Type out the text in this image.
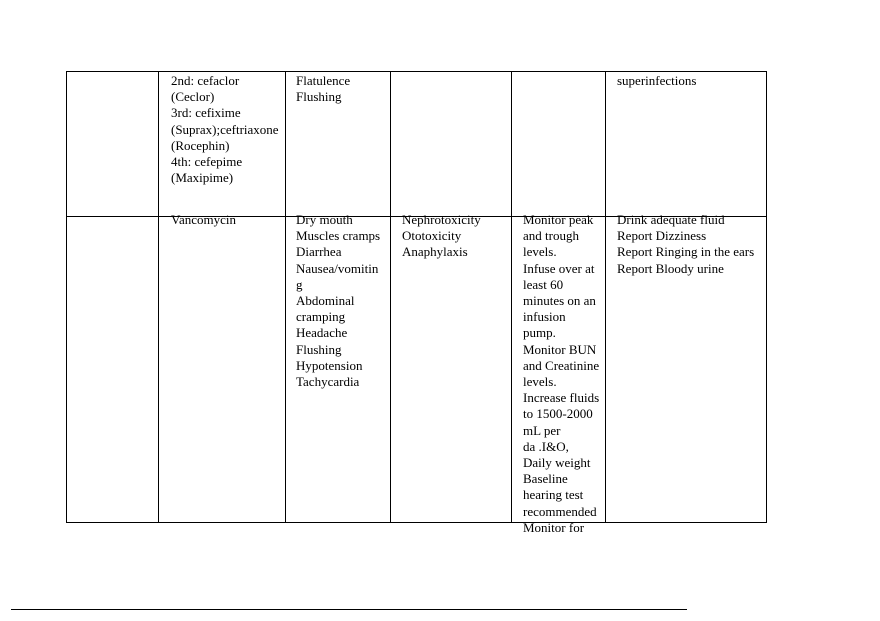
2nd: cefaclor
(Ceclor)
3rd: cefixime
(Suprax);ceftriaxone
(Rocephin)
4th: cefepime
(Maxipime)
Flatulence
Flushing
superinfections
Vancomycin	Dry mouth
Muscles cramps
Diarrhea
Nausea/vomitin
g
Abdominal
cramping
Headache
Flushing
Hypotension
Tachycardia
Nephrotoxicity
Ototoxicity
Anaphylaxis
Monitor peak
and trough
levels.
Infuse over at
least 60
minutes on an
infusion
pump.
Monitor BUN
and Creatinine
levels.
Increase fluids
to 1500-2000
mL per
da .I&O,
Daily weight
Baseline
hearing test
recommended
Monitor for
Drink adequate fluid
Report Dizziness
Report Ringing in the ears
Report Bloody urine
